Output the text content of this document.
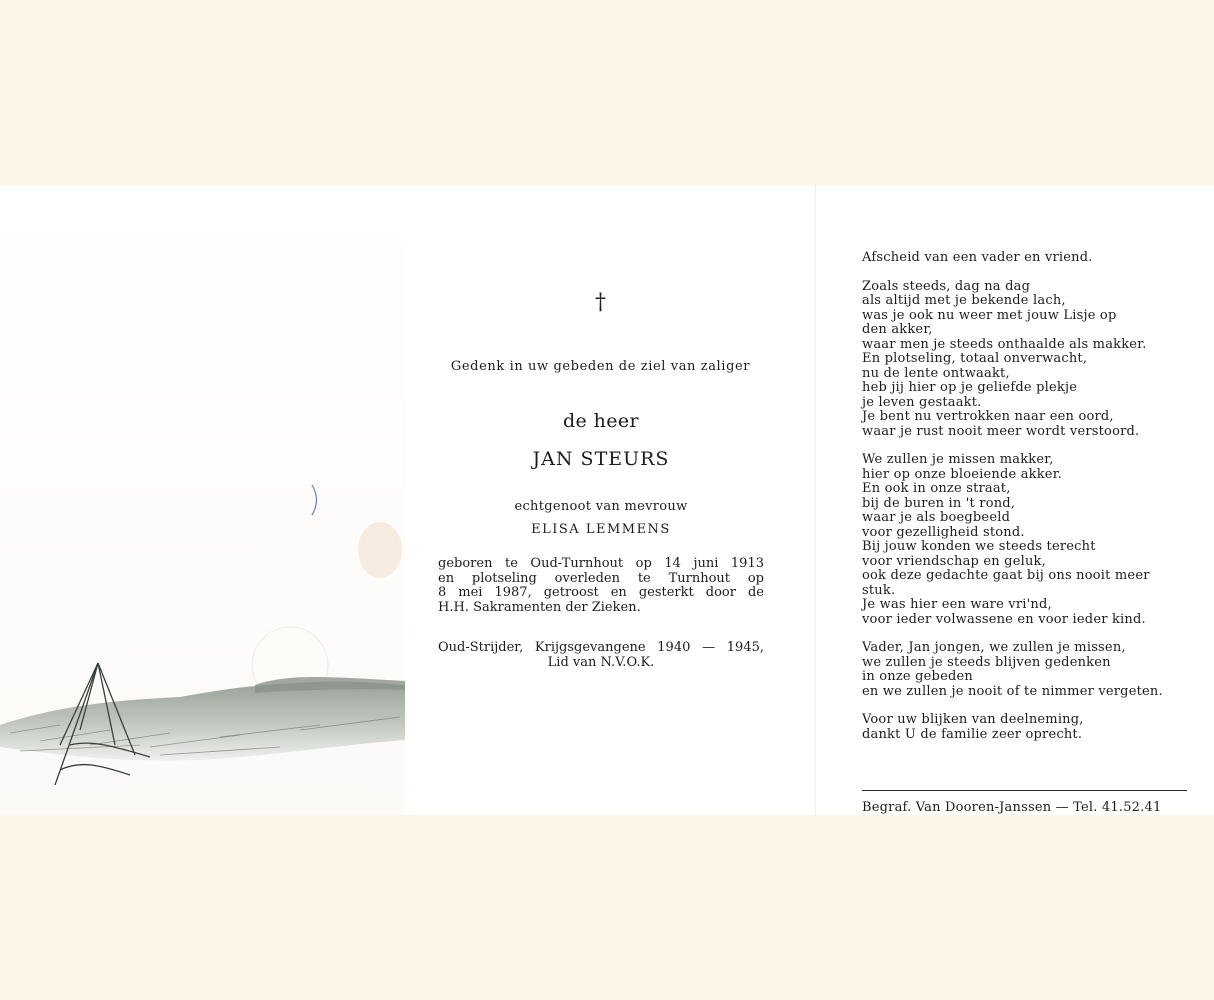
†
Gedenk in uw gebeden de ziel van zaliger
de heer
JAN STEURS
echtgenoot van mevrouw
ELISA LEMMENS
geboren te Oud-Turnhout op 14 juni 1913
en plotseling overleden te Turnhout op
8 mei 1987, getroost en gesterkt door de
H.H. Sakramenten der Zieken.
Oud-Strijder, Krijgsgevangene 1940 — 1945,
Lid van N.V.O.K.
Afscheid van een vader en vriend.
Zoals steeds, dag na dag
als altijd met je bekende lach,
was je ook nu weer met jouw Lisje op
den akker,
waar men je steeds onthaalde als makker.
En plotseling, totaal onverwacht,
nu de lente ontwaakt,
heb jij hier op je geliefde plekje
je leven gestaakt.
Je bent nu vertrokken naar een oord,
waar je rust nooit meer wordt verstoord.
We zullen je missen makker,
hier op onze bloeiende akker.
En ook in onze straat,
bij de buren in 't rond,
waar je als boegbeeld
voor gezelligheid stond.
Bij jouw konden we steeds terecht
voor vriendschap en geluk,
ook deze gedachte gaat bij ons nooit meer
stuk.
Je was hier een ware vri'nd,
voor ieder volwassene en voor ieder kind.
Vader, Jan jongen, we zullen je missen,
we zullen je steeds blijven gedenken
in onze gebeden
en we zullen je nooit of te nimmer vergeten.
Voor uw blijken van deelneming,
dankt U de familie zeer oprecht.
Begraf. Van Dooren-Janssen — Tel. 41.52.41
